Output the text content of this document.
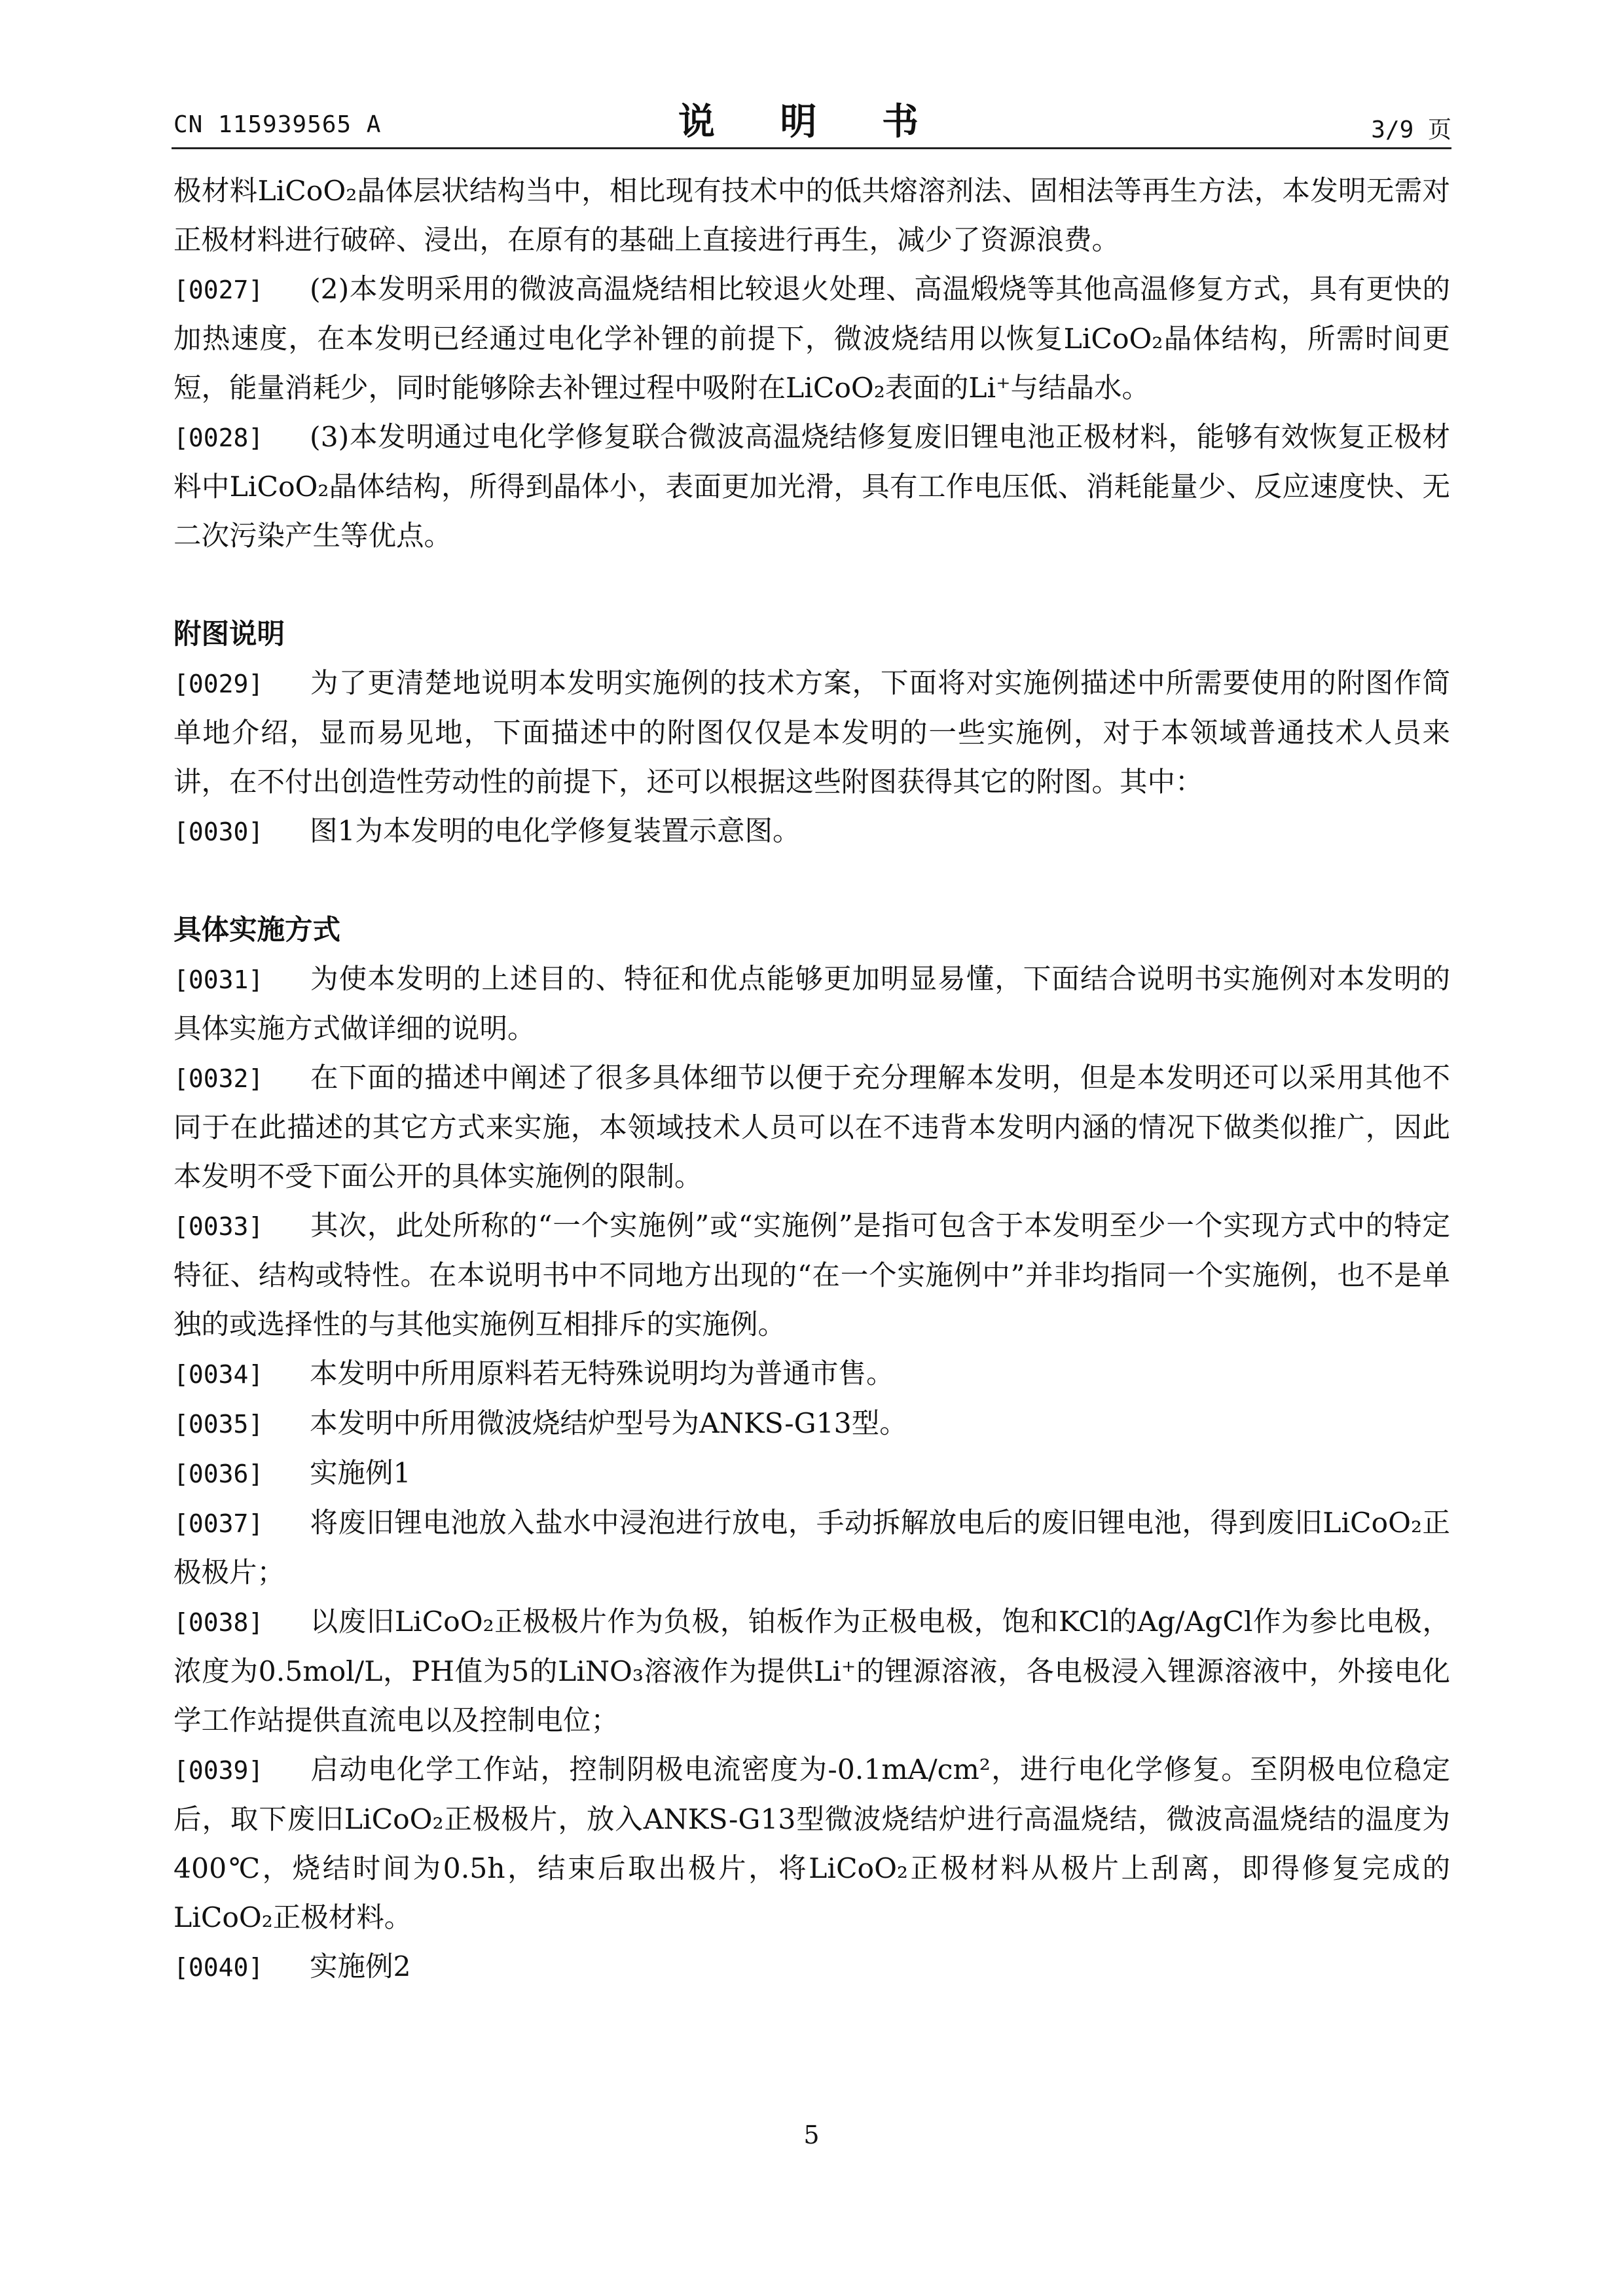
CN 115939565 A	说 明 书	3/9 页
极材料LiCoO₂晶体层状结构当中，相比现有技术中的低共熔溶剂法、固相法等再生方法，本发明无需对正极材料进行破碎、浸出，在原有的基础上直接进行再生，减少了资源浪费。
[0027] (2)本发明采用的微波高温烧结相比较退火处理、高温煅烧等其他高温修复方式，具有更快的加热速度，在本发明已经通过电化学补锂的前提下，微波烧结用以恢复LiCoO₂晶体结构，所需时间更短，能量消耗少，同时能够除去补锂过程中吸附在LiCoO₂表面的Li⁺与结晶水。
[0028] (3)本发明通过电化学修复联合微波高温烧结修复废旧锂电池正极材料，能够有效恢复正极材料中LiCoO₂晶体结构，所得到晶体小，表面更加光滑，具有工作电压低、消耗能量少、反应速度快、无二次污染产生等优点。
附图说明
[0029] 为了更清楚地说明本发明实施例的技术方案，下面将对实施例描述中所需要使用的附图作简单地介绍，显而易见地，下面描述中的附图仅仅是本发明的一些实施例，对于本领域普通技术人员来讲，在不付出创造性劳动性的前提下，还可以根据这些附图获得其它的附图。其中：
[0030] 图1为本发明的电化学修复装置示意图。
具体实施方式
[0031] 为使本发明的上述目的、特征和优点能够更加明显易懂，下面结合说明书实施例对本发明的具体实施方式做详细的说明。
[0032] 在下面的描述中阐述了很多具体细节以便于充分理解本发明，但是本发明还可以采用其他不同于在此描述的其它方式来实施，本领域技术人员可以在不违背本发明内涵的情况下做类似推广，因此本发明不受下面公开的具体实施例的限制。
[0033] 其次，此处所称的“一个实施例”或“实施例”是指可包含于本发明至少一个实现方式中的特定特征、结构或特性。在本说明书中不同地方出现的“在一个实施例中”并非均指同一个实施例，也不是单独的或选择性的与其他实施例互相排斥的实施例。
[0034] 本发明中所用原料若无特殊说明均为普通市售。
[0035] 本发明中所用微波烧结炉型号为ANKS-G13型。
[0036] 实施例1
[0037] 将废旧锂电池放入盐水中浸泡进行放电，手动拆解放电后的废旧锂电池，得到废旧LiCoO₂正极极片；
[0038] 以废旧LiCoO₂正极极片作为负极，铂板作为正极电极，饱和KCl的Ag/AgCl作为参比电极，浓度为0.5mol/L，PH值为5的LiNO₃溶液作为提供Li⁺的锂源溶液，各电极浸入锂源溶液中，外接电化学工作站提供直流电以及控制电位；
[0039] 启动电化学工作站，控制阴极电流密度为-0.1mA/cm²，进行电化学修复。至阴极电位稳定后，取下废旧LiCoO₂正极极片，放入ANKS-G13型微波烧结炉进行高温烧结，微波高温烧结的温度为400℃，烧结时间为0.5h，结束后取出极片，将LiCoO₂正极材料从极片上刮离，即得修复完成的LiCoO₂正极材料。
[0040] 实施例2
5
